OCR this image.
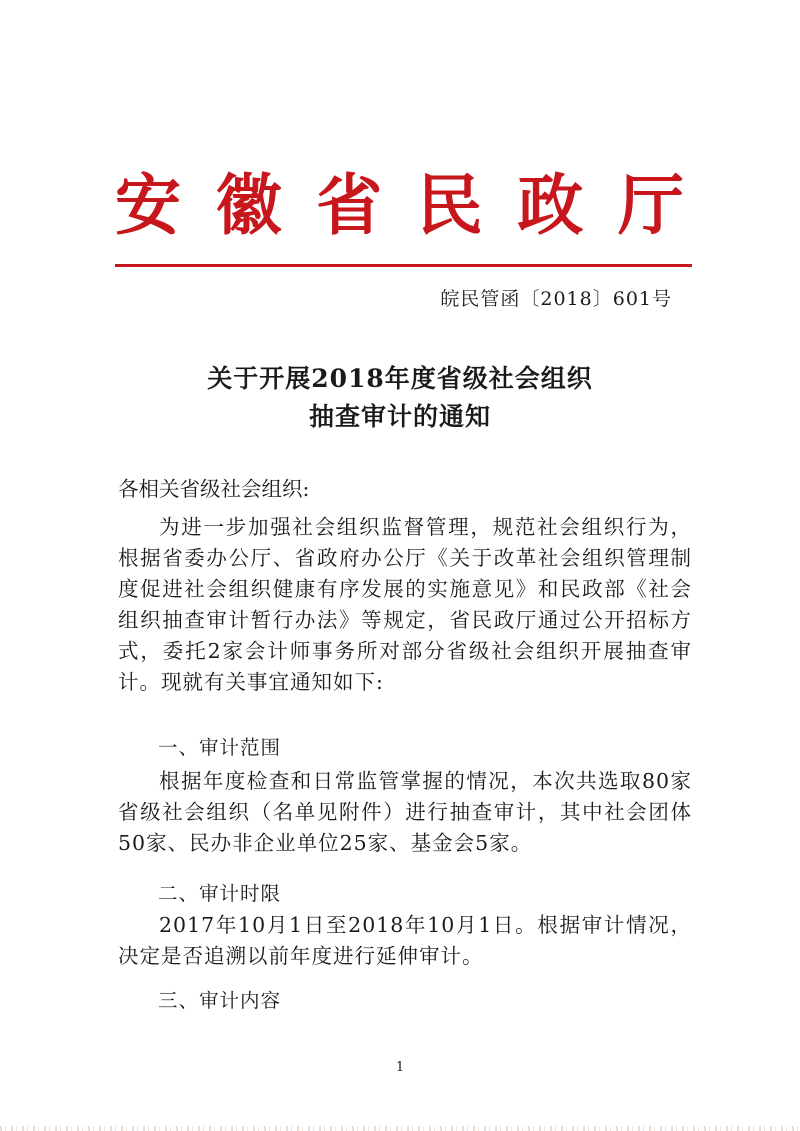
安徽省民政厅
皖民管函〔2018〕601号
关于开展2018年度省级社会组织
抽查审计的通知
各相关省级社会组织:
为进一步加强社会组织监督管理，规范社会组织行为，根据省委办公厅、省政府办公厅《关于改革社会组织管理制度促进社会组织健康有序发展的实施意见》和民政部《社会组织抽查审计暂行办法》等规定，省民政厅通过公开招标方式，委托2家会计师事务所对部分省级社会组织开展抽查审计。现就有关事宜通知如下:
一、审计范围
根据年度检查和日常监管掌握的情况，本次共选取80家省级社会组织（名单见附件）进行抽查审计，其中社会团体50家、民办非企业单位25家、基金会5家。
二、审计时限
2017年10月1日至2018年10月1日。根据审计情况，决定是否追溯以前年度进行延伸审计。
三、审计内容
1
